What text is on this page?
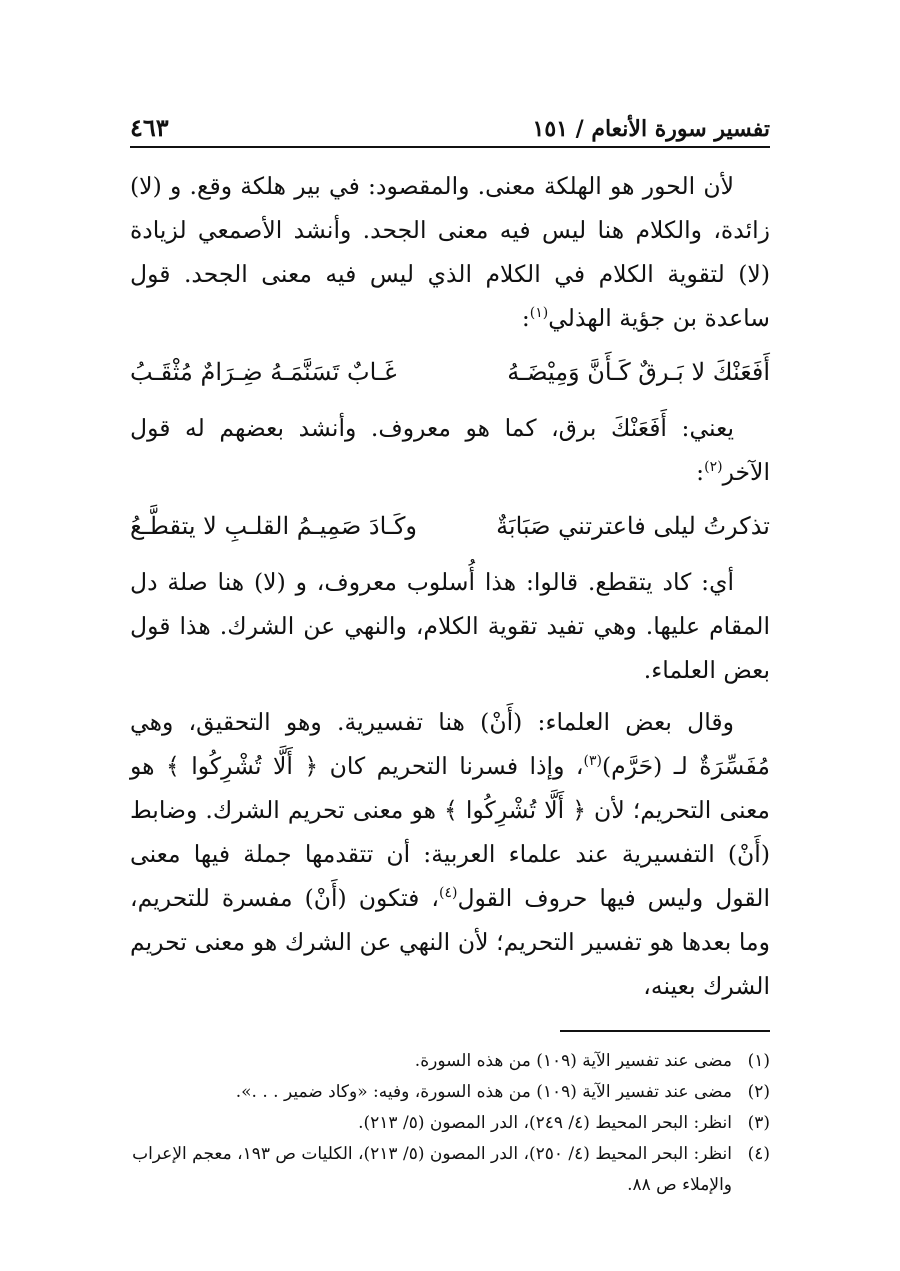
تفسير سورة الأنعام / ١٥١
٤٦٣

لأن الحور هو الهلكة معنى. والمقصود: في بير هلكة وقع. و (لا) زائدة، والكلام هنا ليس فيه معنى الجحد. وأنشد الأصمعي لزيادة (لا) لتقوية الكلام في الكلام الذي ليس فيه معنى الجحد. قول ساعدة بن جؤية الهذلي$^{(١)}$:

أَفَعَنْكَ لا بَـرقٌ كَـأَنَّ وَمِيْضَـهُ
غَـابٌ تَسَنَّمَـهُ ضِـرَامٌ مُثْقَـبُ

يعني: أَفَعَنْكَ برق، كما هو معروف. وأنشد بعضهم له قول الآخر$^{(٢)}$:

تذكرتُ ليلى فاعترتني صَبَابَةٌ
وكَـادَ صَمِيـمُ القلـبِ لا يتقطَّـعُ

أي: كاد يتقطع. قالوا: هذا أُسلوب معروف، و (لا) هنا صلة دل المقام عليها. وهي تفيد تقوية الكلام، والنهي عن الشرك. هذا قول بعض العلماء.

وقال بعض العلماء: (أَنْ) هنا تفسيرية. وهو التحقيق، وهي مُفَسِّرَةٌ لـ (حَرَّم)$^{(٣)}$، وإذا فسرنا التحريم كان ﴿ أَلَّا تُشْرِكُوا ﴾ هو معنى التحريم؛ لأن ﴿ أَلَّا تُشْرِكُوا ﴾ هو معنى تحريم الشرك. وضابط (أَنْ) التفسيرية عند علماء العربية: أن تتقدمها جملة فيها معنى القول وليس فيها حروف القول$^{(٤)}$، فتكون (أَنْ) مفسرة للتحريم، وما بعدها هو تفسير التحريم؛ لأن النهي عن الشرك هو معنى تحريم الشرك بعينه،

(١)
مضى عند تفسير الآية (١٠٩) من هذه السورة.
(٢)
مضى عند تفسير الآية (١٠٩) من هذه السورة، وفيه: «وكاد ضمير . . .».
(٣)
انظر: البحر المحيط (٤/ ٢٤٩)، الدر المصون (٥/ ٢١٣).
(٤)
انظر: البحر المحيط (٤/ ٢٥٠)، الدر المصون (٥/ ٢١٣)، الكليات ص ١٩٣، معجم الإعراب والإملاء ص ٨٨.
